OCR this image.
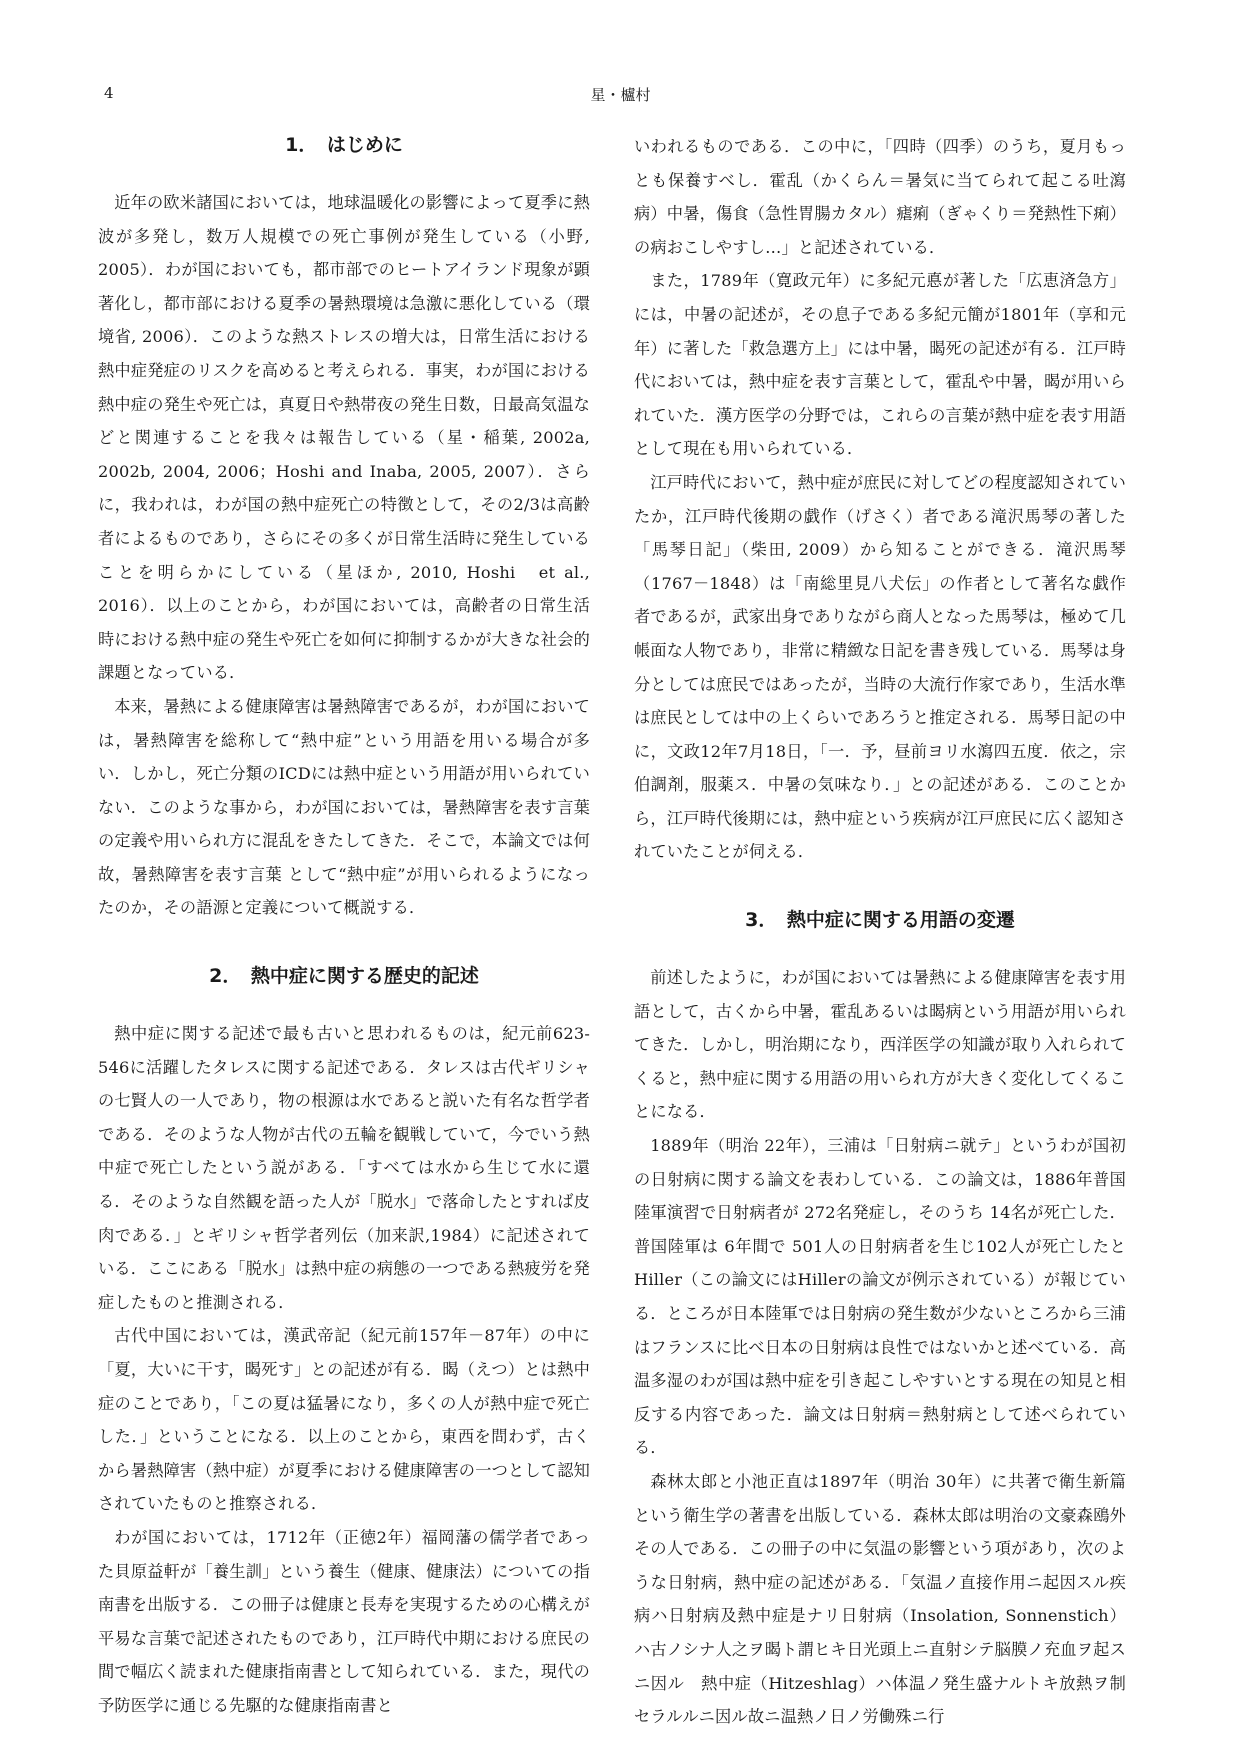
4	星・櫨村
1．　はじめに

近年の欧米諸国においては，地球温暖化の影響によって夏季に熱波が多発し，数万人規模での死亡事例が発生している（小野, 2005）．わが国においても，都市部でのヒートアイランド現象が顕著化し，都市部における夏季の暑熱環境は急激に悪化している（環境省, 2006）．このような熱ストレスの増大は，日常生活における熱中症発症のリスクを高めると考えられる．事実，わが国における熱中症の発生や死亡は，真夏日や熱帯夜の発生日数，日最高気温などと関連することを我々は報告している（星・稲葉, 2002a, 2002b, 2004, 2006；Hoshi and Inaba, 2005, 2007）．さらに，我われは，わが国の熱中症死亡の特徴として，その2/3は高齢者によるものであり，さらにその多くが日常生活時に発生していることを明らかにしている（星ほか, 2010, Hoshi　et al., 2016）．以上のことから，わが国においては，高齢者の日常生活時における熱中症の発生や死亡を如何に抑制するかが大きな社会的課題となっている．

本来，暑熱による健康障害は暑熱障害であるが，わが国においては，暑熱障害を総称して“熱中症”という用語を用いる場合が多い．しかし，死亡分類のICDには熱中症という用語が用いられていない．このような事から，わが国においては，暑熱障害を表す言葉の定義や用いられ方に混乱をきたしてきた．そこで，本論文では何故，暑熱障害を表す言葉 として“熱中症”が用いられるようになったのか，その語源と定義について概説する．

2．　熱中症に関する歴史的記述

熱中症に関する記述で最も古いと思われるものは，紀元前623-546に活躍したタレスに関する記述である．タレスは古代ギリシャの七賢人の一人であり，物の根源は水であると説いた有名な哲学者である．そのような人物が古代の五輪を観戦していて，今でいう熱中症で死亡したという説がある．「すべては水から生じて水に還る．そのような自然観を語った人が「脱水」で落命したとすれば皮肉である．」とギリシャ哲学者列伝（加来訳,1984）に記述されている．ここにある「脱水」は熱中症の病態の一つである熱疲労を発症したものと推測される．

古代中国においては，漢武帝記（紀元前157年－87年）の中に「夏，大いに干す，暍死す」との記述が有る．暍（えつ）とは熱中症のことであり，「この夏は猛暑になり，多くの人が熱中症で死亡した．」ということになる．以上のことから，東西を問わず，古くから暑熱障害（熱中症）が夏季における健康障害の一つとして認知されていたものと推察される．

わが国においては，1712年（正徳2年）福岡藩の儒学者であった貝原益軒が「養生訓」という養生（健康、健康法）についての指南書を出版する．この冊子は健康と長寿を実現するための心構えが平易な言葉で記述されたものであり，江戸時代中期における庶民の間で幅広く読まれた健康指南書として知られている．また，現代の予防医学に通じる先駆的な健康指南書と

いわれるものである．この中に，「四時（四季）のうち，夏月もっとも保養すべし．霍乱（かくらん＝暑気に当てられて起こる吐瀉病）中暑，傷食（急性胃腸カタル）瘧痢（ぎゃくり＝発熱性下痢）の病おこしやすし…」と記述されている．

また，1789年（寛政元年）に多紀元悳が著した「広恵済急方」には，中暑の記述が，その息子である多紀元簡が1801年（享和元年）に著した「救急選方上」には中暑，暍死の記述が有る．江戸時代においては，熱中症を表す言葉として，霍乱や中暑，暍が用いられていた．漢方医学の分野では，これらの言葉が熱中症を表す用語として現在も用いられている．

江戸時代において，熱中症が庶民に対してどの程度認知されていたか，江戸時代後期の戯作（げさく）者である滝沢馬琴の著した「馬琴日記」（柴田, 2009）から知ることができる．滝沢馬琴（1767－1848）は「南総里見八犬伝」の作者として著名な戯作者であるが，武家出身でありながら商人となった馬琴は，極めて几帳面な人物であり，非常に精緻な日記を書き残している．馬琴は身分としては庶民ではあったが，当時の大流行作家であり，生活水準は庶民としては中の上くらいであろうと推定される．馬琴日記の中に，文政12年7月18日，「一．予，昼前ヨリ水瀉四五度．依之，宗伯調剤，服薬ス．中暑の気味なり．」との記述がある．このことから，江戸時代後期には，熱中症という疾病が江戸庶民に広く認知されていたことが伺える．

3．　熱中症に関する用語の変遷

前述したように，わが国においては暑熱による健康障害を表す用語として，古くから中暑，霍乱あるいは暍病という用語が用いられてきた．しかし，明治期になり，西洋医学の知識が取り入れられてくると，熱中症に関する用語の用いられ方が大きく変化してくることになる．

1889年（明治 22年），三浦は「日射病ニ就テ」というわが国初の日射病に関する論文を表わしている．この論文は，1886年普国陸軍演習で日射病者が 272名発症し，そのうち 14名が死亡した．普国陸軍は 6年間で 501人の日射病者を生じ102人が死亡したと Hiller（この論文にはHillerの論文が例示されている）が報じている．ところが日本陸軍では日射病の発生数が少ないところから三浦はフランスに比べ日本の日射病は良性ではないかと述べている．高温多湿のわが国は熱中症を引き起こしやすいとする現在の知見と相反する内容であった．論文は日射病＝熱射病として述べられている．

森林太郎と小池正直は1897年（明治 30年）に共著で衛生新篇という衛生学の著書を出版している．森林太郎は明治の文豪森鴎外その人である．この冊子の中に気温の影響という項があり，次のような日射病，熱中症の記述がある．「気温ノ直接作用ニ起因スル疾病ハ日射病及熱中症是ナリ日射病（Insolation, Sonnenstich）ハ古ノシナ人之ヲ暍ト謂ヒキ日光頭上ニ直射シテ脳膜ノ充血ヲ起スニ因ル　熱中症（Hitzeshlag）ハ体温ノ発生盛ナルトキ放熱ヲ制セラルルニ因ル故ニ温熱ノ日ノ労働殊ニ行
